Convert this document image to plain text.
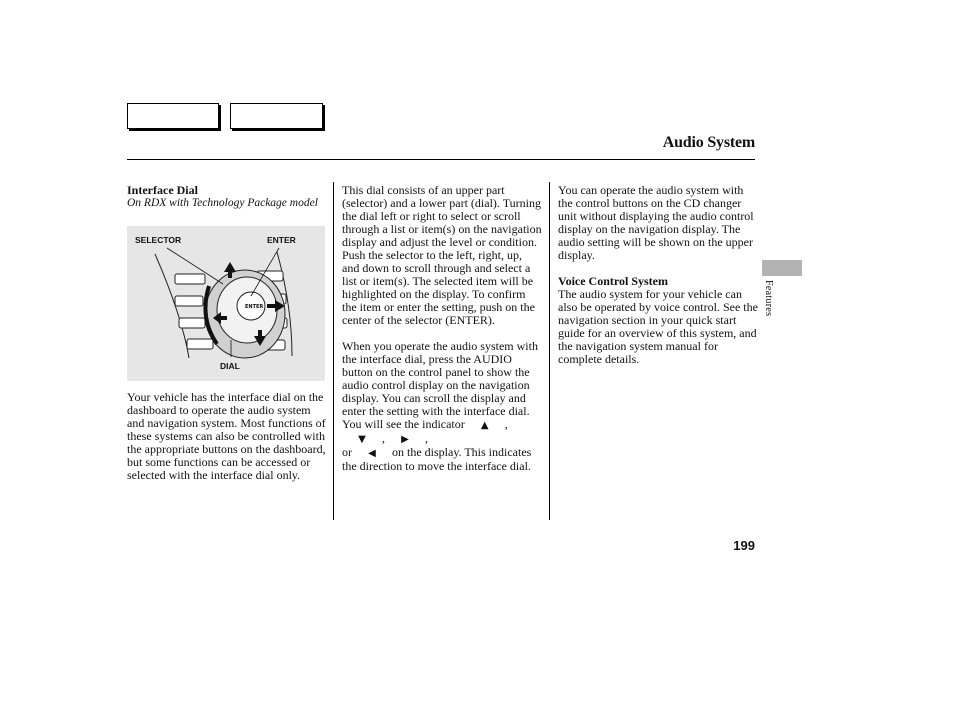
Audio System

Interface Dial

On RDX with Technology Package model

ENTER
SELECTOR	ENTER
DIAL

Your vehicle has the interface dial on the dashboard to operate the audio system and navigation system. Most functions of these systems can also be controlled with the appropriate buttons on the dashboard, but some functions can be accessed or selected with the interface dial only.

This dial consists of an upper part (selector) and a lower part (dial). Turning the dial left or right to select or scroll through a list or item(s) on the navigation display and adjust the level or condition. Push the selector to the left, right, up, and down to scroll through and select a list or item(s). The selected item will be highlighted on the display. To confirm the item or enter the setting, push on the center of the selector (ENTER).

When you operate the audio system with the interface dial, press the AUDIO button on the control panel to show the audio control display on the navigation display. You can scroll the display and enter the setting with the interface dial. You will see the indicator ▲ ,▼ , ▶ ,
or ◀ on the display. This indicates the direction to move the interface dial.

You can operate the audio system with the control buttons on the CD changer unit without displaying the audio control display on the navigation display. The audio setting will be shown on the upper display.

Voice Control System

The audio system for your vehicle can also be operated by voice control. See the navigation section in your quick start guide for an overview of this system, and the navigation system manual for complete details.

Features
199
